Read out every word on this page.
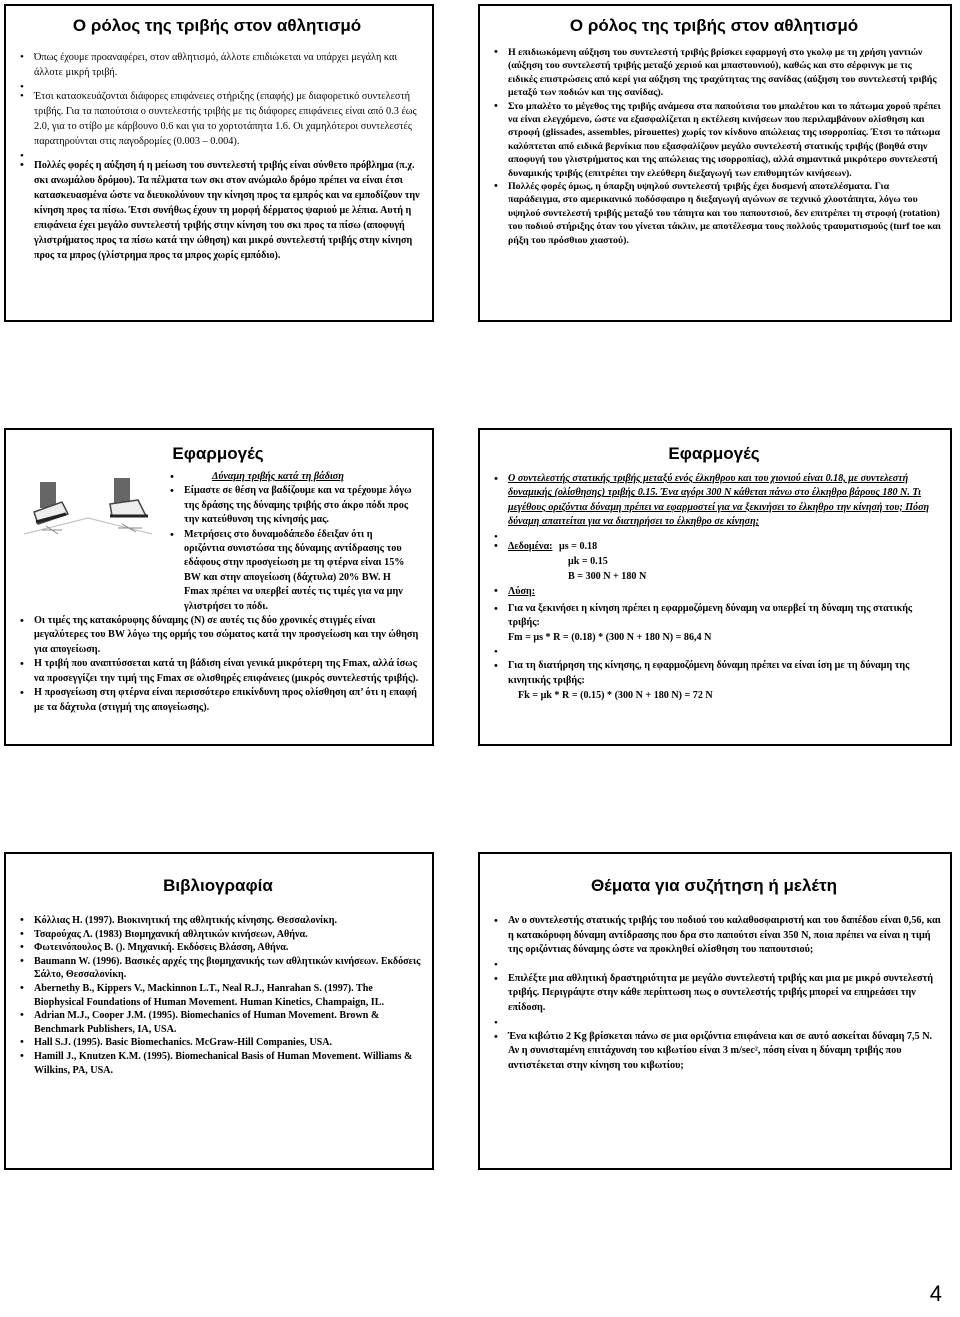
Ο ρόλος της τριβής στον αθλητισμό
• Όπως έχουμε προαναφέρει, στον αθλητισμό, άλλοτε επιδιώκεται να υπάρχει μεγάλη και άλλοτε μικρή τριβή.
•
• Έτσι κατασκευάζονται διάφορες επιφάνειες στήριξης (επαφής) με διαφορετικό συντελεστή τριβής. Για τα παπούτσια ο συντελεστής τριβής με τις διάφορες επιφάνειες είναι από 0.3 έως 2.0, για το στίβο με κάρβουνο 0.6 και για το χορτοτάπητα 1.6. Οι χαμηλότεροι συντελεστές παρατηρούνται στις παγοδρομίες (0.003 – 0.004).
•
• Πολλές φορές η αύξηση ή η μείωση του συντελεστή τριβής είναι σύνθετο πρόβλημα (π.χ. σκι ανωμάλου δρόμου). Τα πέλματα των σκι στον ανώμαλο δρόμο πρέπει να είναι έτσι κατασκευασμένα ώστε να διευκολύνουν την κίνηση προς τα εμπρός και να εμποδίζουν την κίνηση προς τα πίσω. Έτσι συνήθως έχουν τη μορφή δέρματος ψαριού με λέπια. Αυτή η επιφάνεια έχει μεγάλο συντελεστή τριβής στην κίνηση του σκι προς τα πίσω (αποφυγή γλιστρήματος προς τα πίσω κατά την ώθηση) και μικρό συντελεστή τριβής στην κίνηση προς τα μπρος (γλίστρημα προς τα μπρος χωρίς εμπόδιο).
Ο ρόλος της τριβής στον αθλητισμό
• Η επιδιωκόμενη αύξηση του συντελεστή τριβής βρίσκει εφαρμογή στο γκολφ με τη χρήση γαντιών (αύξηση του συντελεστή τριβής μεταξύ χεριού και μπαστουνιού), καθώς και στο σέρφινγκ με τις ειδικές επιστρώσεις από κερί για αύξηση της τραχύτητας της σανίδας (αύξηση του συντελεστή τριβής μεταξύ των ποδιών και της σανίδας).
• Στο μπαλέτο το μέγεθος της τριβής ανάμεσα στα παπούτσια του μπαλέτου και το πάτωμα χορού πρέπει να είναι ελεγχόμενο, ώστε να εξασφαλίζεται η εκτέλεση κινήσεων που περιλαμβάνουν ολίσθηση και στροφή (glissades, assembles, pirouettes) χωρίς τον κίνδυνο απώλειας της ισορροπίας. Έτσι το πάτωμα καλύπτεται από ειδικά βερνίκια που εξασφαλίζουν μεγάλο συντελεστή στατικής τριβής (βοηθά στην αποφυγή του γλιστρήματος και της απώλειας της ισορροπίας), αλλά σημαντικά μικρότερο συντελεστή δυναμικής τριβής (επιτρέπει την ελεύθερη διεξαγωγή των επιθυμητών κινήσεων).
• Πολλές φορές όμως, η ύπαρξη υψηλού συντελεστή τριβής έχει δυσμενή αποτελέσματα. Για παράδειγμα, στο αμερικανικό ποδόσφαιρο η διεξαγωγή αγώνων σε τεχνικό χλοοτάπητα, λόγω του υψηλού συντελεστή τριβής μεταξύ του τάπητα και του παπουτσιού, δεν επιτρέπει τη στροφή (rotation) του ποδιού στήριξης όταν του γίνεται τάκλιν, με αποτέλεσμα τους πολλούς τραυματισμούς (turf toe και ρήξη του πρόσθιου χιαστού).
Εφαρμογές
• Δύναμη τριβής κατά τη βάδιση
• Είμαστε σε θέση να βαδίζουμε και να τρέχουμε λόγω της δράσης της δύναμης τριβής στο άκρο πόδι προς την κατεύθυνση της κίνησής μας.
• Μετρήσεις στο δυναμοδάπεδο έδειξαν ότι η οριζόντια συνιστώσα της δύναμης αντίδρασης του εδάφους στην προσγείωση με τη φτέρνα είναι 15% BW και στην απογείωση (δάχτυλα) 20% BW. Η Fmax πρέπει να υπερβεί αυτές τις τιμές για να μην γλιστρήσει το πόδι.
• Οι τιμές της κατακόρυφης δύναμης (N) σε αυτές τις δύο χρονικές στιγμές είναι μεγαλύτερες του BW λόγω της ορμής του σώματος κατά την προσγείωση και την ώθηση για απογείωση.
• Η τριβή που αναπτύσσεται κατά τη βάδιση είναι γενικά μικρότερη της Fmax, αλλά ίσως να προσεγγίζει την τιμή της Fmax σε ολισθηρές επιφάνειες (μικρός συντελεστής τριβής).
• Η προσγείωση στη φτέρνα είναι περισσότερο επικίνδυνη προς ολίσθηση απ’ ότι η επαφή με τα δάχτυλα (στιγμή της απογείωσης).
Εφαρμογές
• Ο συντελεστής στατικής τριβής μεταξύ ενός έλκηθρου και του χιονιού είναι 0.18, με συντελεστή δυναμικής (ολίσθησης) τριβής 0.15. Ένα αγόρι 300 N κάθεται πάνω στο έλκηθρο βάρους 180 N. Τι μεγέθους οριζόντια δύναμη πρέπει να εφαρμοστεί για να ξεκινήσει το έλκηθρο την κίνησή του; Πόση δύναμη απαιτείται για να διατηρήσει το έλκηθρο σε κίνηση;
•
• Δεδομένα: μs = 0.18
μk = 0.15
B = 300 N + 180 N
• Λύση:
• Για να ξεκινήσει η κίνηση πρέπει η εφαρμοζόμενη δύναμη να υπερβεί τη δύναμη της στατικής τριβής:
Fm = μs * R = (0.18) * (300 N + 180 N) = 86,4 N
•
• Για τη διατήρηση της κίνησης, η εφαρμοζόμενη δύναμη πρέπει να είναι ίση με τη δύναμη της κινητικής τριβής:
Fk = μk * R = (0.15) * (300 N + 180 N) = 72 N
Βιβλιογραφία
• Κόλλιας Η. (1997). Βιοκινητική της αθλητικής κίνησης. Θεσσαλονίκη.
• Τσαρούχας Λ. (1983) Βιομηχανική αθλητικών κινήσεων, Αθήνα.
• Φωτεινόπουλος Β. (). Μηχανική. Εκδόσεις Βλάσση, Αθήνα.
• Baumann W. (1996). Βασικές αρχές της βιομηχανικής των αθλητικών κινήσεων. Εκδόσεις Σάλτο, Θεσσαλονίκη.
• Abernethy B., Kippers V., Mackinnon L.T., Neal R.J., Hanrahan S. (1997). The Biophysical Foundations of Human Movement. Human Kinetics, Champaign, IL.
• Adrian M.J., Cooper J.M. (1995). Biomechanics of Human Movement. Brown & Benchmark Publishers, IA, USA.
• Hall S.J. (1995). Basic Biomechanics. McGraw-Hill Companies, USA.
• Hamill J., Knutzen K.M. (1995). Biomechanical Basis of Human Movement. Williams & Wilkins, PA, USA.
Θέματα για συζήτηση ή μελέτη
• Αν ο συντελεστής στατικής τριβής του ποδιού του καλαθοσφαιριστή και του δαπέδου είναι 0,56, και η κατακόρυφη δύναμη αντίδρασης που δρα στο παπούτσι είναι 350 N, ποια πρέπει να είναι η τιμή της οριζόντιας δύναμης ώστε να προκληθεί ολίσθηση του παπουτσιού;
•
• Επιλέξτε μια αθλητική δραστηριότητα με μεγάλο συντελεστή τριβής και μια με μικρό συντελεστή τριβής. Περιγράψτε στην κάθε περίπτωση πως ο συντελεστής τριβής μπορεί να επηρεάσει την επίδοση.
•
• Ένα κιβώτιο 2 Kg βρίσκεται πάνω σε μια οριζόντια επιφάνεια και σε αυτό ασκείται δύναμη 7,5 N. Αν η συνισταμένη επιτάχυνση του κιβωτίου είναι 3 m/sec², πόση είναι η δύναμη τριβής που αντιστέκεται στην κίνηση του κιβωτίου;
4
